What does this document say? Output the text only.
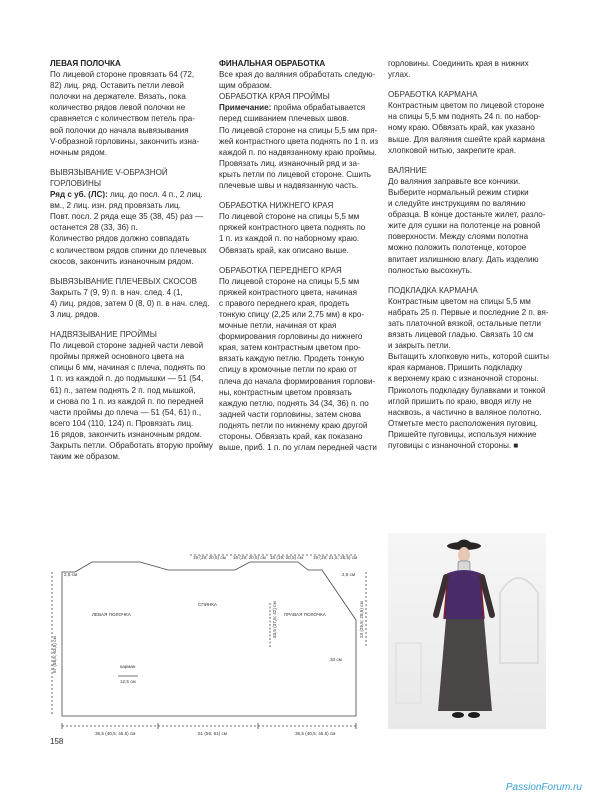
ЛЕВАЯ ПОЛОЧКА
По лицевой стороне провязать 64 (72,
82) лиц. ряд. Оставить петли левой
полочки на держателе. Вязать, пока
количество рядов левой полочки не
сравняется с количеством петель пра-
вой полочки до начала вывязывания
V-образной горловины, закончить изна-
ночным рядом.

ВЫВЯЗЫВАНИЕ V-ОБРАЗНОЙ ГОРЛОВИНЫ
Ряд с уб. (ЛС): лиц. до посл. 4 п., 2 лиц.
вм., 2 лиц. изн. ряд провязать лиц.
Повт. посл. 2 ряда еще 35 (38, 45) раз —
останется 28 (33, 36) п.
Количество рядов должно совпадать
с количеством рядов спинки до плечевых
скосов, закончить изнаночным рядом.

ВЫВЯЗЫВАНИЕ ПЛЕЧЕВЫХ СКОСОВ
Закрыть 7 (9, 9) п. в нач. след. 4 (1,
4) лиц. рядов, затем 0 (8, 0) п. в нач. след.
3 лиц. рядов.

НАДВЯЗЫВАНИЕ ПРОЙМЫ
По лицевой стороне задней части левой
проймы пряжей основного цвета на
спицы 6 мм, начиная с плеча, поднять по
1 п. из каждой п. до подмышки — 51 (54,
61) п., затем поднять 2 п. под мышкой,
и снова по 1 п. из каждой п. по передней
части проймы до плеча — 51 (54, 61) п.,
всего 104 (110, 124) п. Провязать лиц.
16 рядов, закончить изнаночным рядом.
Закрыть петли. Обработать вторую пройму
таким же образом.

ФИНАЛЬНАЯ ОБРАБОТКА
Все края до валяния обработать следую-
щим образом.
ОБРАБОТКА КРАЯ ПРОЙМЫ
Примечание: пройма обрабатывается
перед сшиванием плечевых швов.
По лицевой стороне на спицы 5,5 мм пря-
жей контрастного цвета поднять по 1 п. из
каждой п. по надвязанному краю проймы.
Провязать лиц. изнаночный ряд и за-
крыть петли по лицевой стороне. Сшить
плечевые швы и надвязанную часть.

ОБРАБОТКА НИЖНЕГО КРАЯ
По лицевой стороне на спицы 5,5 мм
пряжей контрастного цвета поднять по
1 п. из каждой п. по наборному краю.
Обвязать край, как описано выше.

ОБРАБОТКА ПЕРЕДНЕГО КРАЯ
По лицевой стороне на спицы 5,5 мм
пряжей контрастного цвета, начиная
с правого переднего края, продеть
тонкую спицу (2,25 или 2,75 мм) в кро-
мочные петли, начиная от края
формирования горловины до нижнего
края, затем контрастным цветом про-
вязать каждую петлю. Продеть тонкую
спицу в кромочные петли по краю от
плеча до начала формирования горлови-
ны, контрастным цветом провязать
каждую петлю, поднять 34 (34, 36) п. по
задней части горловины, затем снова
поднять петли по нижнему краю другой
стороны. Обвязать край, как показано
выше, приб. 1 п. по углам передней части

горловины. Соединить края в нижних
углах.

ОБРАБОТКА КАРМАНА
Контрастным цветом по лицевой стороне
на спицы 5,5 мм поднять 24 п. по набор-
ному краю. Обвязать край, как указано
выше. Для валяния сшейте край кармана
хлопковой нитью, закрепите края.

ВАЛЯНИЕ
До валяния заправьте все кончики.
Выберите нормальный режим стирки
и следуйте инструкциям по валянию
образца. В конце достаньте жилет, разло-
жите для сушки на полотенце на ровной
поверхности. Между слоями полотна
можно положить полотенце, которое
впитает излишнюю влагу. Дать изделию
полностью высохнуть.

ПОДКЛАДКА КАРМАНА
Контрастным цветом на спицы 5,5 мм
набрать 25 п. Первые и последние 2 п. вя-
зать платочной вязкой, остальные петли
вязать лицевой гладью. Связать 10 см
и закрыть петли.
Вытащить хлопковую нить, которой сшиты
края карманов. Пришить подкладку
к верхнему краю с изнаночной стороны.
Приколоть подкладку булавками и тонкой
иглой пришить по краю, вводя иглу не
насквозь, а частично в валяное полотно.
Отметьте место расположения пуговиц.
Пришейте пуговицы, используя нижние
пуговицы с изнаночной стороны. ■

19 (19; 20,5) см 16 (19; 20,5) см 16 (19; 20,5) см 19 (19; 21,5; 25,5) см
2,5 см	2,5 см
57 (58,5; 63,5) см
24 (25,5; 28,5) см
33,5 (37,5; 42) см
ЛЕВАЯ ПОЛОЧКА
СПИНКА
ПРАВАЯ ПОЛОЧКА
карман
12,5 см
33 см
35,5 (40,5; 45,5) см	51 (56; 61) см	35,5 (40,5; 45,5) см
158
PassionForum.ru
